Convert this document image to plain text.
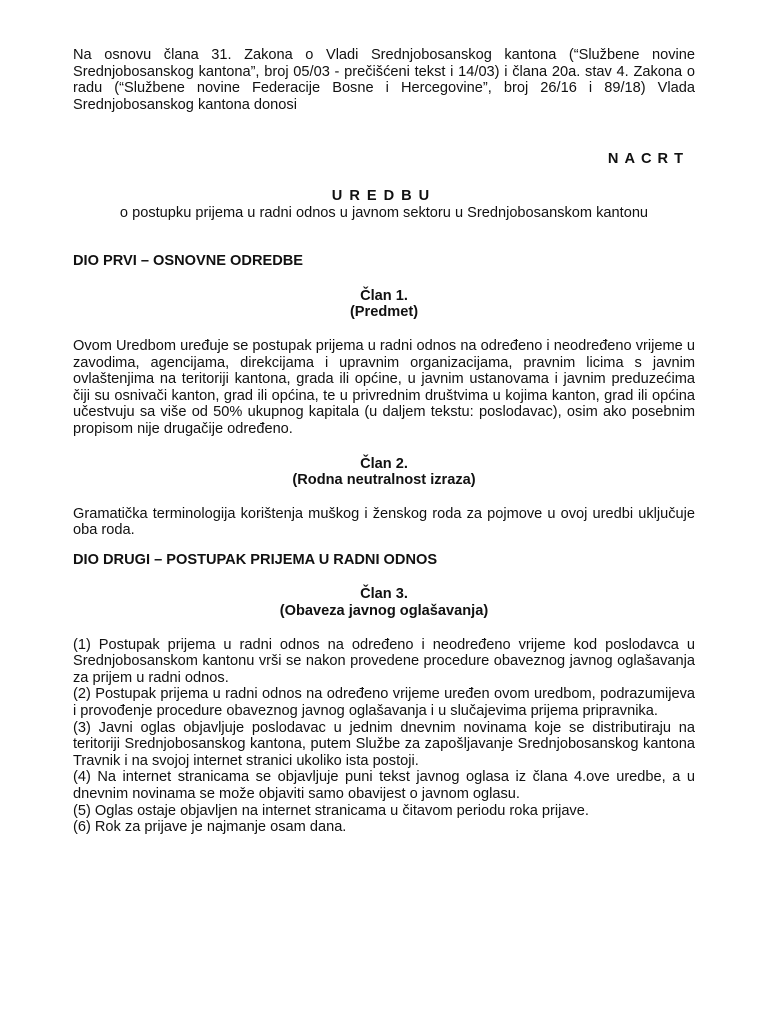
Na osnovu člana 31. Zakona o Vladi Srednjobosanskog kantona (“Službene novine Srednjobosanskog kantona”, broj 05/03 - prečišćeni tekst i 14/03) i člana 20a. stav 4. Zakona o radu (“Službene novine Federacije Bosne i Hercegovine”, broj 26/16 i 89/18) Vlada Srednjobosanskog kantona donosi

NACRT

UREDBU

o postupku prijema u radni odnos u javnom sektoru u Srednjobosanskom kantonu

DIO PRVI – OSNOVNE ODREDBE

Član 1.

(Predmet)

Ovom Uredbom uređuje se postupak prijema u radni odnos na određeno i neodređeno vrijeme u zavodima, agencijama, direkcijama i upravnim organizacijama, pravnim licima s javnim ovlaštenjima na teritoriji kantona, grada ili općine, u javnim ustanovama i javnim preduzećima čiji su osnivači kanton, grad ili općina, te u privrednim društvima u kojima kanton, grad ili općina učestvuju sa više od 50% ukupnog kapitala (u daljem tekstu: poslodavac), osim ako posebnim propisom nije drugačije određeno.

Član 2.

(Rodna neutralnost izraza)

Gramatička terminologija korištenja muškog i ženskog roda za pojmove u ovoj uredbi uključuje oba roda.

DIO DRUGI – POSTUPAK PRIJEMA U RADNI ODNOS

Član 3.

(Obaveza javnog oglašavanja)

(1) Postupak prijema u radni odnos na određeno i neodređeno vrijeme kod poslodavca u Srednjobosanskom kantonu vrši se nakon provedene procedure obaveznog javnog oglašavanja za prijem u radni odnos.

(2) Postupak prijema u radni odnos na određeno vrijeme uređen ovom uredbom, podrazumijeva i provođenje procedure obaveznog javnog oglašavanja i u slučajevima prijema pripravnika.

(3) Javni oglas objavljuje poslodavac u jednim dnevnim novinama koje se distributiraju na teritoriji Srednjobosanskog kantona, putem Službe za zapošljavanje Srednjobosanskog kantona Travnik i na svojoj internet stranici ukoliko ista postoji.

(4) Na internet stranicama se objavljuje puni tekst javnog oglasa iz člana 4.ove uredbe, a u dnevnim novinama se može objaviti samo obavijest o javnom oglasu.

(5) Oglas ostaje objavljen na internet stranicama u čitavom periodu roka prijave.

(6) Rok za prijave je najmanje osam dana.
